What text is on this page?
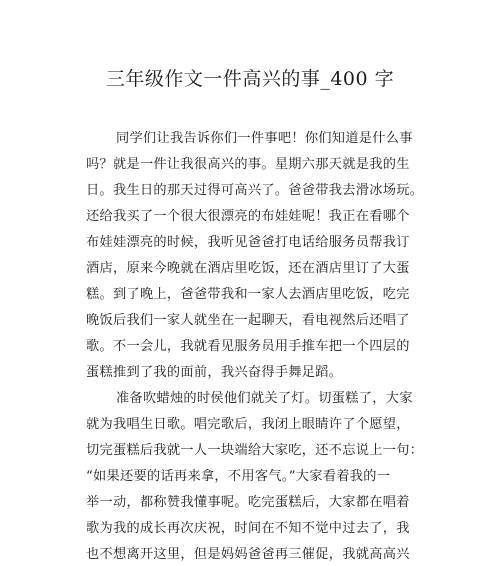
三年级作文一件高兴的事_400 字
同学们让我告诉你们一件事吧！你们知道是什么事
吗？就是一件让我很高兴的事。星期六那天就是我的生
日。我生日的那天过得可高兴了。爸爸带我去滑冰场玩。
还给我买了一个很大很漂亮的布娃娃呢！我正在看哪个
布娃娃漂亮的时候，我听见爸爸打电话给服务员帮我订
酒店，原来今晚就在酒店里吃饭，还在酒店里订了大蛋
糕。到了晚上，爸爸带我和一家人去酒店里吃饭，吃完
晚饭后我们一家人就坐在一起聊天，看电视然后还唱了
歌。不一会儿，我就看见服务员用手推车把一个四层的
蛋糕推到了我的面前，我兴奋得手舞足蹈。
准备吹蜡烛的时侯他们就关了灯。切蛋糕了，大家
就为我唱生日歌。唱完歌后，我闭上眼睛许了个愿望，
切完蛋糕后我就一人一块端给大家吃，还不忘说上一句：
“如果还要的话再来拿，不用客气。”大家看着我的一
举一动，都称赞我懂事呢。吃完蛋糕后，大家都在唱着
歌为我的成长再次庆祝，时间在不知不觉中过去了，我
也不想离开这里，但是妈妈爸爸再三催促，我就高高兴
